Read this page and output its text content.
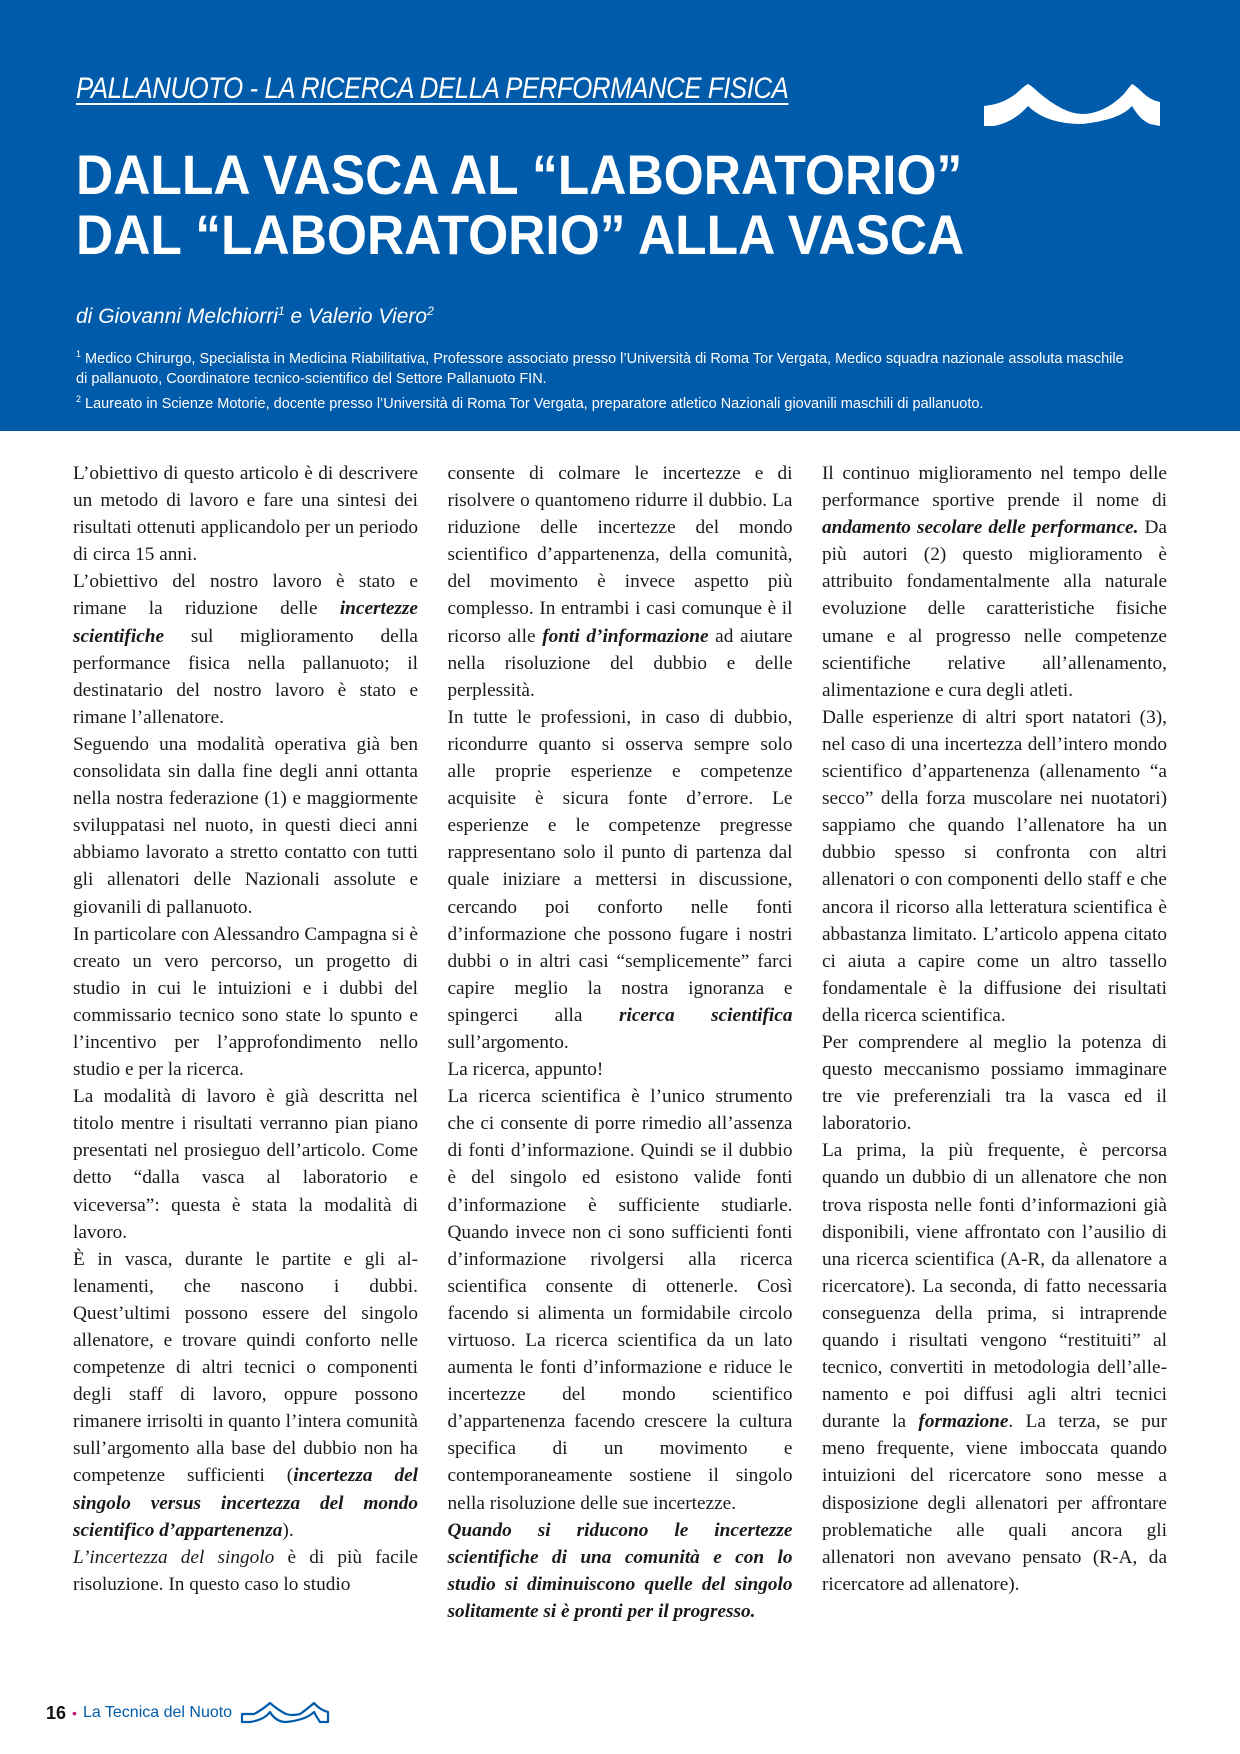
PALLANUOTO - LA RICERCA DELLA PERFORMANCE FISICA
DALLA VASCA AL “LABORATORIO”
DAL “LABORATORIO” ALLA VASCA
di Giovanni Melchiorri$^1$ e Valerio Viero$^2$

$^1$ Medico Chirurgo, Specialista in Medicina Riabilitativa, Professore associato presso l’Università di Roma Tor Vergata, Medico squadra nazionale assoluta maschile di pallanuoto, Coordinatore tecnico-scientifico del Settore Pallanuoto FIN.

$^2$ Laureato in Scienze Motorie, docente presso l’Università di Roma Tor Vergata, preparatore atletico Nazionali giovanili maschili di pallanuoto.

L’obiettivo di questo articolo è di descrivere un metodo di lavoro e fare una sintesi dei risultati ottenuti applicandolo per un periodo di circa 15 anni.

L’obiettivo del nostro lavoro è stato e rimane la riduzione delle incertezze scientifiche sul miglioramento della performance fisica nella pallanuoto; il destinatario del nostro lavoro è stato e rimane l’allenatore.

Seguendo una modalità operativa già ben consolidata sin dalla fine degli anni ottanta nella nostra federazione (1) e maggiormente sviluppatasi nel nuoto, in questi dieci anni abbiamo lavorato a stretto contatto con tutti gli allenatori delle Nazionali assolute e giovanili di pallanuoto.

In particolare con Alessandro Campagna si è creato un vero percorso, un progetto di studio in cui le intuizioni e i dubbi del commissario tecnico sono state lo spunto e l’incentivo per l’approfondimento nello studio e per la ricerca.

La modalità di lavoro è già descritta nel titolo mentre i risultati verranno pian piano presentati nel prosieguo dell’articolo. Come detto “dalla vasca al laboratorio e viceversa”: questa è stata la modalità di lavoro.

È in vasca, durante le partite e gli allenamenti, che nascono i dubbi. Quest’ultimi possono essere del singolo allenatore, e trovare quindi conforto nelle competenze di altri tecnici o componenti degli staff di lavoro, oppure possono rimanere irrisolti in quanto l’intera comunità sull’argomento alla base del dubbio non ha competenze sufficienti (incertezza del singolo versus incertezza del mondo scientifico d’appartenenza).

L’incertezza del singolo è di più facile risoluzione. In questo caso lo studio

consente di colmare le incertezze e di risolvere o quantomeno ridurre il dubbio. La riduzione delle incertezze del mondo scientifico d’appartenenza, della comunità, del movimento è invece aspetto più complesso. In entrambi i casi comunque è il ricorso alle fonti d’informazione ad aiutare nella risoluzione del dubbio e delle perplessità.

In tutte le professioni, in caso di dubbio, ricondurre quanto si osserva sempre solo alle proprie esperienze e competenze acquisite è sicura fonte d’errore. Le esperienze e le competenze pregresse rappresentano solo il punto di partenza dal quale iniziare a mettersi in discussione, cercando poi conforto nelle fonti d’informazione che possono fugare i nostri dubbi o in altri casi “semplicemente” farci capire meglio la nostra ignoranza e spingerci alla ricerca scientifica sull’argomento.

La ricerca, appunto!

La ricerca scientifica è l’unico strumento che ci consente di porre rimedio all’assenza di fonti d’informazione. Quindi se il dubbio è del singolo ed esistono valide fonti d’informazione è sufficiente studiarle. Quando invece non ci sono sufficienti fonti d’informazione rivolgersi alla ricerca scientifica consente di ottenerle. Così facendo si alimenta un formidabile circolo virtuoso. La ricerca scientifica da un lato aumenta le fonti d’informazione e riduce le incertezze del mondo scientifico d’appartenenza facendo crescere la cultura specifica di un movimento e contemporaneamente sostiene il singolo nella risoluzione delle sue incertezze.

Quando si riducono le incertezze scientifiche di una comunità e con lo studio si diminuiscono quelle del singolo solitamente si è pronti per il progresso.

Il continuo miglioramento nel tempo delle performance sportive prende il nome di andamento secolare delle performance. Da più autori (2) questo miglioramento è attribuito fondamentalmente alla naturale evoluzione delle caratteristiche fisiche umane e al progresso nelle competenze scientifiche relative all’allenamento, alimentazione e cura degli atleti.

Dalle esperienze di altri sport natatori (3), nel caso di una incertezza dell’intero mondo scientifico d’appartenenza (allenamento “a secco” della forza muscolare nei nuotatori) sappiamo che quando l’allenatore ha un dubbio spesso si confronta con altri allenatori o con componenti dello staff e che ancora il ricorso alla letteratura scientifica è abbastanza limitato. L’articolo appena citato ci aiuta a capire come un altro tassello fondamentale è la diffusione dei risultati della ricerca scientifica.

Per comprendere al meglio la potenza di questo meccanismo possiamo immaginare tre vie preferenziali tra la vasca ed il laboratorio.

La prima, la più frequente, è percorsa quando un dubbio di un allenatore che non trova risposta nelle fonti d’informazioni già disponibili, viene affrontato con l’ausilio di una ricerca scientifica (A-R, da allenatore a ricercatore). La seconda, di fatto necessaria conseguenza della prima, si intraprende quando i risultati vengono “restituiti” al tecnico, convertiti in metodologia dell’allenamento e poi diffusi agli altri tecnici durante la formazione. La terza, se pur meno frequente, viene imboccata quando intuizioni del ricercatore sono messe a disposizione degli allenatori per affrontare problematiche alle quali ancora gli allenatori non avevano pensato (R-A, da ricercatore ad allenatore).

16 • La Tecnica del Nuoto
